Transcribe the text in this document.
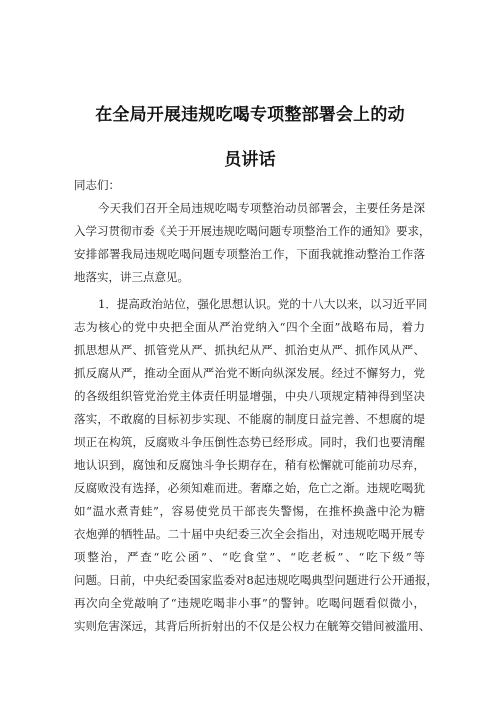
在全局开展违规吃喝专项整部署会上的动
员讲话
同志们：
今天我们召开全局违规吃喝专项整治动员部署会，主要任务是深
入学习贯彻市委《关于开展违规吃喝问题专项整治工作的通知》要求，
安排部署我局违规吃喝问题专项整治工作，下面我就推动整治工作落
地落实，讲三点意见。
1．提高政治站位，强化思想认识。党的十八大以来，以习近平同
志为核心的党中央把全面从严治党纳入“四个全面”战略布局，着力
抓思想从严、抓管党从严、抓执纪从严、抓治吏从严、抓作风从严、
抓反腐从严，推动全面从严治党不断向纵深发展。经过不懈努力，党
的各级组织管党治党主体责任明显增强，中央八项规定精神得到坚决
落实，不敢腐的目标初步实现、不能腐的制度日益完善、不想腐的堤
坝正在构筑，反腐败斗争压倒性态势已经形成。同时，我们也要清醒
地认识到，腐蚀和反腐蚀斗争长期存在，稍有松懈就可能前功尽弃，
反腐败没有选择，必须知难而进。奢靡之始，危亡之渐。违规吃喝犹
如“温水煮青蛙”，容易使党员干部丧失警惕，在推杯换盏中沦为糖
衣炮弹的牺牲品。二十届中央纪委三次全会指出，对违规吃喝开展专
项整治，严查“吃公函”、“吃食堂”、“吃老板”、“吃下级”等
问题。日前，中央纪委国家监委对8起违规吃喝典型问题进行公开通报，
再次向全党敲响了“违规吃喝非小事”的警钟。吃喝问题看似微小，
实则危害深远，其背后所折射出的不仅是公权力在觥筹交错间被滥用、
